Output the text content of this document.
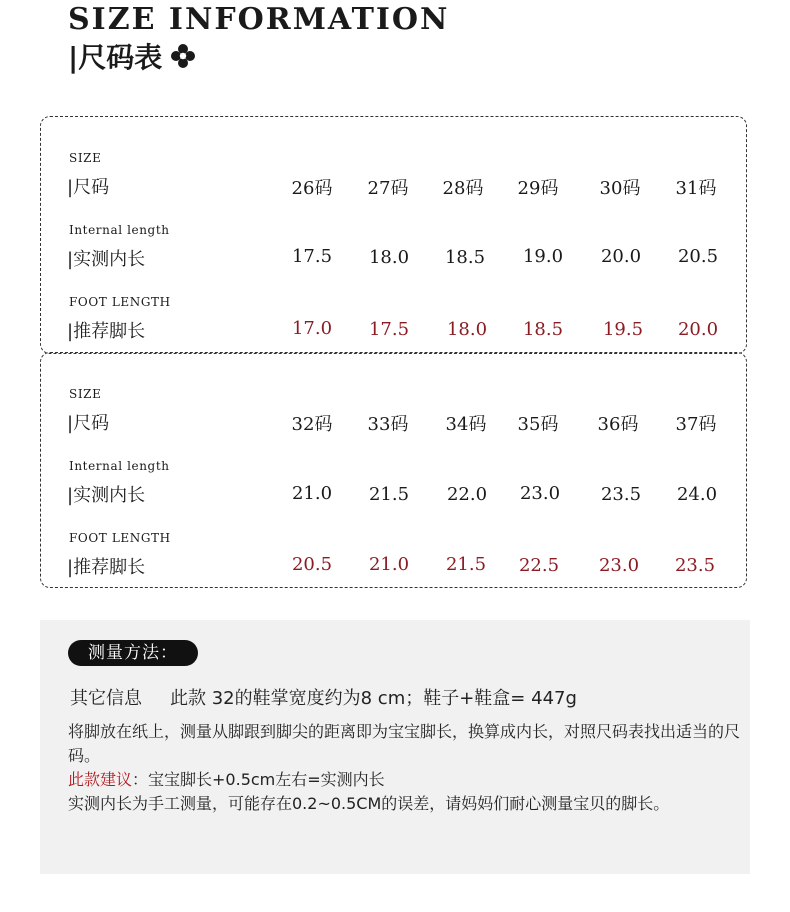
SIZE INFORMATION
|尺码表
SIZE
|尺码	26码	27码	28码	29码	30码	31码
Internal length
|实测内长	17.5	18.0	18.5	19.0	20.0	20.5
FOOT LENGTH
|推荐脚长	17.0	17.5	18.0	18.5	19.5	20.0
SIZE
|尺码	32码	33码	34码	35码	36码	37码
Internal length
|实测内长	21.0	21.5	22.0	23.0	23.5	24.0
FOOT LENGTH
|推荐脚长	20.5	21.0	21.5	22.5	23.0	23.5
测量方法：
其它信息 此款 32的鞋掌宽度约为8 cm；鞋子+鞋盒= 447g
将脚放在纸上，测量从脚跟到脚尖的距离即为宝宝脚长，换算成内长，对照尺码表找出适当的尺码。
此款建议：宝宝脚长+0.5cm左右=实测内长
实测内长为手工测量，可能存在0.2~0.5CM的误差，请妈妈们耐心测量宝贝的脚长。
